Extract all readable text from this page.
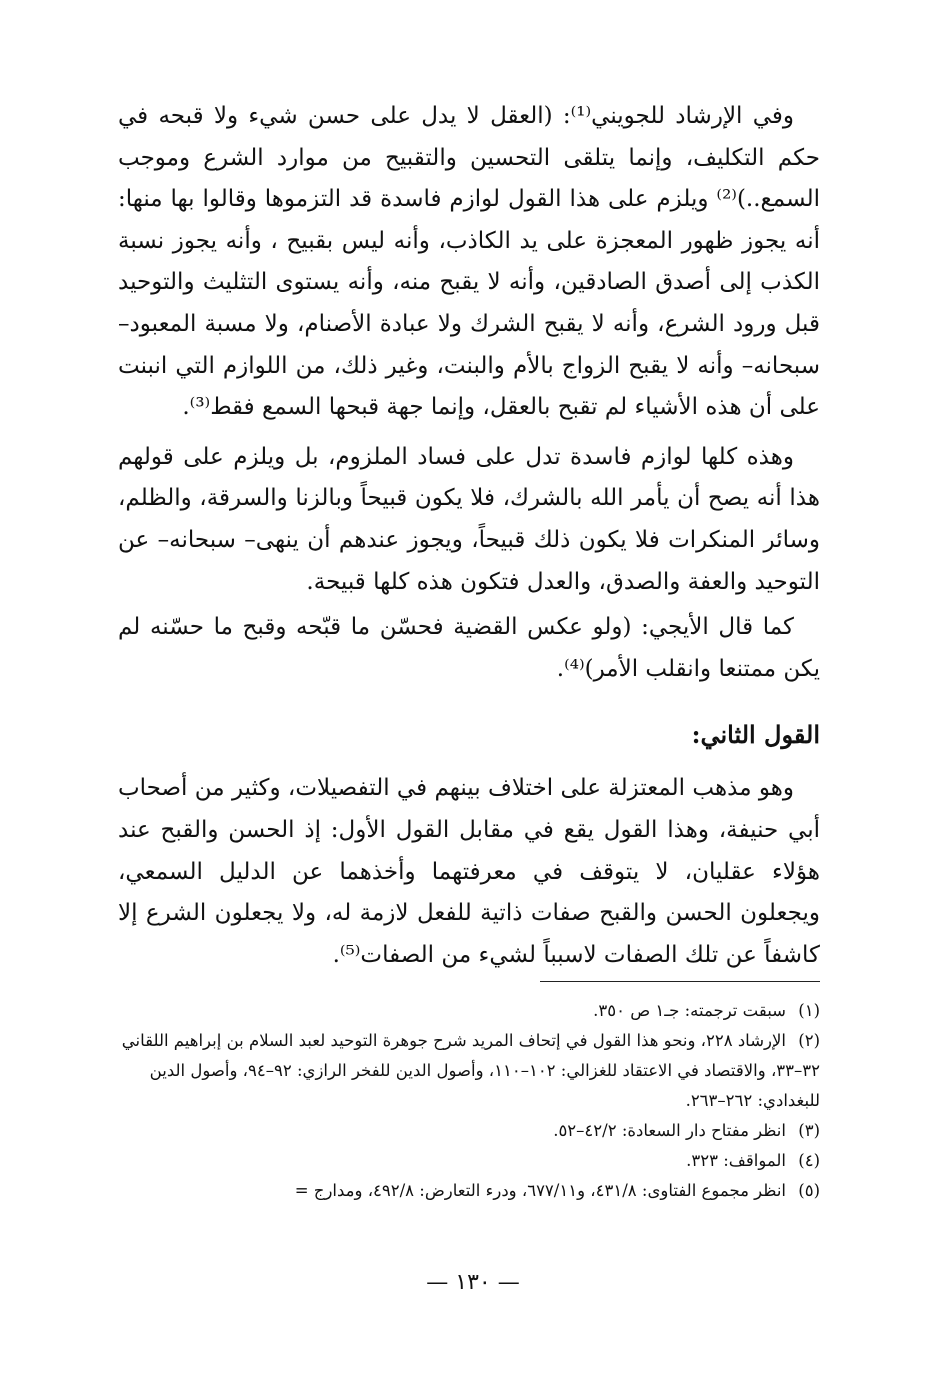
وفي الإرشاد للجويني⁽¹⁾: (العقل لا يدل على حسن شيء ولا قبحه في حكم التكليف، وإنما يتلقى التحسين والتقبيح من موارد الشرع وموجب السمع..)⁽²⁾ ويلزم على هذا القول لوازم فاسدة قد التزموها وقالوا بها منها: أنه يجوز ظهور المعجزة على يد الكاذب، وأنه ليس بقبيح ، وأنه يجوز نسبة الكذب إلى أصدق الصادقين، وأنه لا يقبح منه، وأنه يستوى التثليث والتوحيد قبل ورود الشرع، وأنه لا يقبح الشرك ولا عبادة الأصنام، ولا مسبة المعبود– سبحانه– وأنه لا يقبح الزواج بالأم والبنت، وغير ذلك، من اللوازم التي انبنت على أن هذه الأشياء لم تقبح بالعقل، وإنما جهة قبحها السمع فقط⁽³⁾.

وهذه كلها لوازم فاسدة تدل على فساد الملزوم، بل ويلزم على قولهم هذا أنه يصح أن يأمر الله بالشرك، فلا يكون قبيحاً وبالزنا والسرقة، والظلم، وسائر المنكرات فلا يكون ذلك قبيحاً، ويجوز عندهم أن ينهى– سبحانه– عن التوحيد والعفة والصدق، والعدل فتكون هذه كلها قبيحة.

كما قال الأيجي: (ولو عكس القضية فحسّن ما قبّحه وقبح ما حسّنه لم يكن ممتنعا وانقلب الأمر)⁽⁴⁾.

القول الثاني:

وهو مذهب المعتزلة على اختلاف بينهم في التفصيلات، وكثير من أصحاب أبي حنيفة، وهذا القول يقع في مقابل القول الأول: إذ الحسن والقبح عند هؤلاء عقليان، لا يتوقف في معرفتهما وأخذهما عن الدليل السمعي، ويجعلون الحسن والقبح صفات ذاتية للفعل لازمة له، ولا يجعلون الشرع إلا كاشفاً عن تلك الصفات لاسبباً لشيء من الصفات⁽⁵⁾.

(١)سبقت ترجمته: جـ١ ص ٣٥٠.

(٢)الإرشاد ٢٢٨، ونحو هذا القول في إتحاف المريد شرح جوهرة التوحيد لعبد السلام بن إبراهيم اللقاني ٣٢–٣٣، والاقتصاد في الاعتقاد للغزالي: ١٠٢–١١٠، وأصول الدين للفخر الرازي: ٩٢–٩٤، وأصول الدين للبغدادي: ٢٦٢–٢٦٣.

(٣)انظر مفتاح دار السعادة: ٤٢/٢–٥٢.

(٤)المواقف: ٣٢٣.

(٥)انظر مجموع الفتاوى: ٤٣١/٨، و٦٧٧/١١، ودرء التعارض: ٤٩٢/٨، ومدارج =

— ١٣٠ —
